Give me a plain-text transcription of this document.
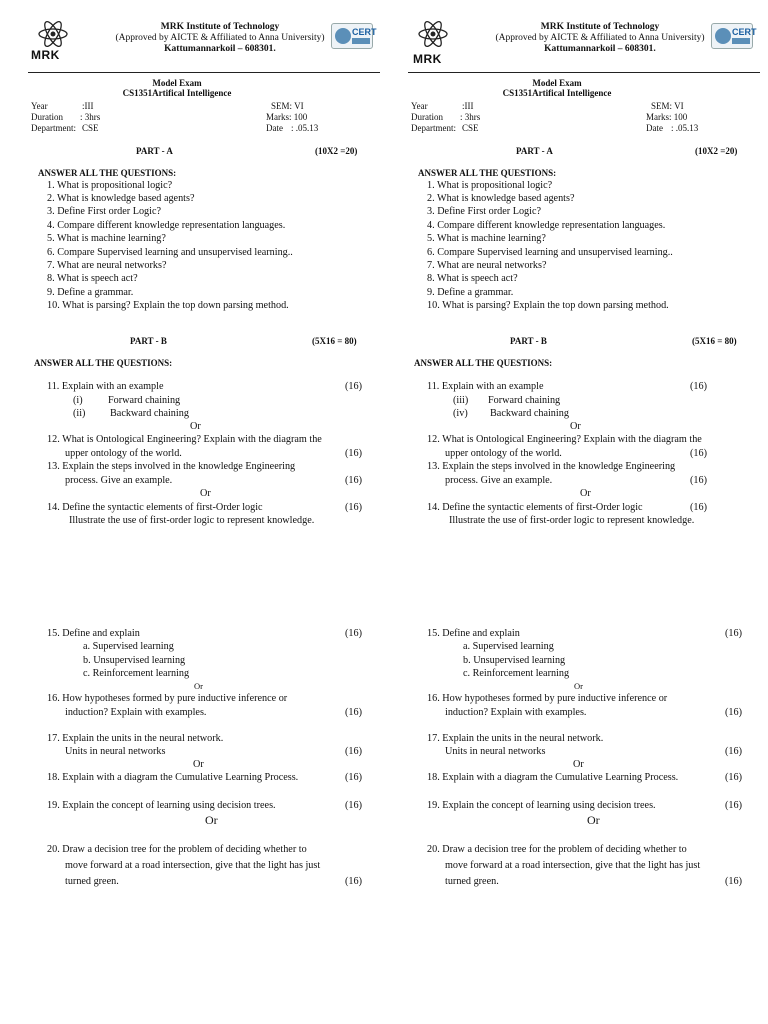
MRK
MRK Institute of Technology
(Approved by AICTE & Affiliated to Anna University)
Kattumannarkoil – 608301.
CERT
Model Exam
CS1351Artifical Intelligence
Year	:III
Duration : 3hrs
Department: CSE
SEM: VI
Marks: 100
Date : .05.13
PART - A	(10X2 =20)
ANSWER ALL THE QUESTIONS:
1. What is propositional logic?
2. What is knowledge based agents?
3. Define First order Logic?
4. Compare different knowledge representation languages.
5. What is machine learning?
6. Compare Supervised learning and unsupervised learning..
7. What are neural networks?
8. What is speech act?
9. Define a grammar.
10. What is parsing? Explain the top down parsing method.
PART - B	(5X16 = 80)
ANSWER ALL THE QUESTIONS:
11. Explain with an example	(16)
(i) Forward chaining
(ii) Backward chaining
Or
12. What is Ontological Engineering? Explain with the diagram the
upper ontology of the world.	(16)
13. Explain the steps involved in the knowledge Engineering
process. Give an example.	(16)
Or
14. Define the syntactic elements of first-Order logic	(16)
Illustrate the use of first-order logic to represent knowledge.
15. Define and explain	(16)
a. Supervised learning
b. Unsupervised learning
c. Reinforcement learning
Or
16. How hypotheses formed by pure inductive inference or
induction? Explain with examples.	(16)
17. Explain the units in the neural network.
Units in neural networks	(16)
Or
18. Explain with a diagram the Cumulative Learning Process.	(16)
19. Explain the concept of learning using decision trees.	(16)
Or
20. Draw a decision tree for the problem of deciding whether to
move forward at a road intersection, give that the light has just
turned green.	(16)
MRK
MRK Institute of Technology
(Approved by AICTE & Affiliated to Anna University)
Kattumannarkoil – 608301.
CERT
Model Exam
CS1351Artifical Intelligence
Year	:III
Duration : 3hrs
Department: CSE
SEM: VI
Marks: 100
Date : .05.13
PART - A	(10X2 =20)
ANSWER ALL THE QUESTIONS:
1. What is propositional logic?
2. What is knowledge based agents?
3. Define First order Logic?
4. Compare different knowledge representation languages.
5. What is machine learning?
6. Compare Supervised learning and unsupervised learning..
7. What are neural networks?
8. What is speech act?
9. Define a grammar.
10. What is parsing? Explain the top down parsing method.
PART - B	(5X16 = 80)
ANSWER ALL THE QUESTIONS:
11. Explain with an example	(16)
(iii) Forward chaining
(iv) Backward chaining
Or
12. What is Ontological Engineering? Explain with the diagram the
upper ontology of the world.	(16)
13. Explain the steps involved in the knowledge Engineering
process. Give an example.	(16)
Or
14. Define the syntactic elements of first-Order logic	(16)
Illustrate the use of first-order logic to represent knowledge.
15. Define and explain	(16)
a. Supervised learning
b. Unsupervised learning
c. Reinforcement learning
Or
16. How hypotheses formed by pure inductive inference or
induction? Explain with examples.	(16)
17. Explain the units in the neural network.
Units in neural networks	(16)
Or
18. Explain with a diagram the Cumulative Learning Process.	(16)
19. Explain the concept of learning using decision trees.	(16)
Or
20. Draw a decision tree for the problem of deciding whether to
move forward at a road intersection, give that the light has just
turned green.	(16)
